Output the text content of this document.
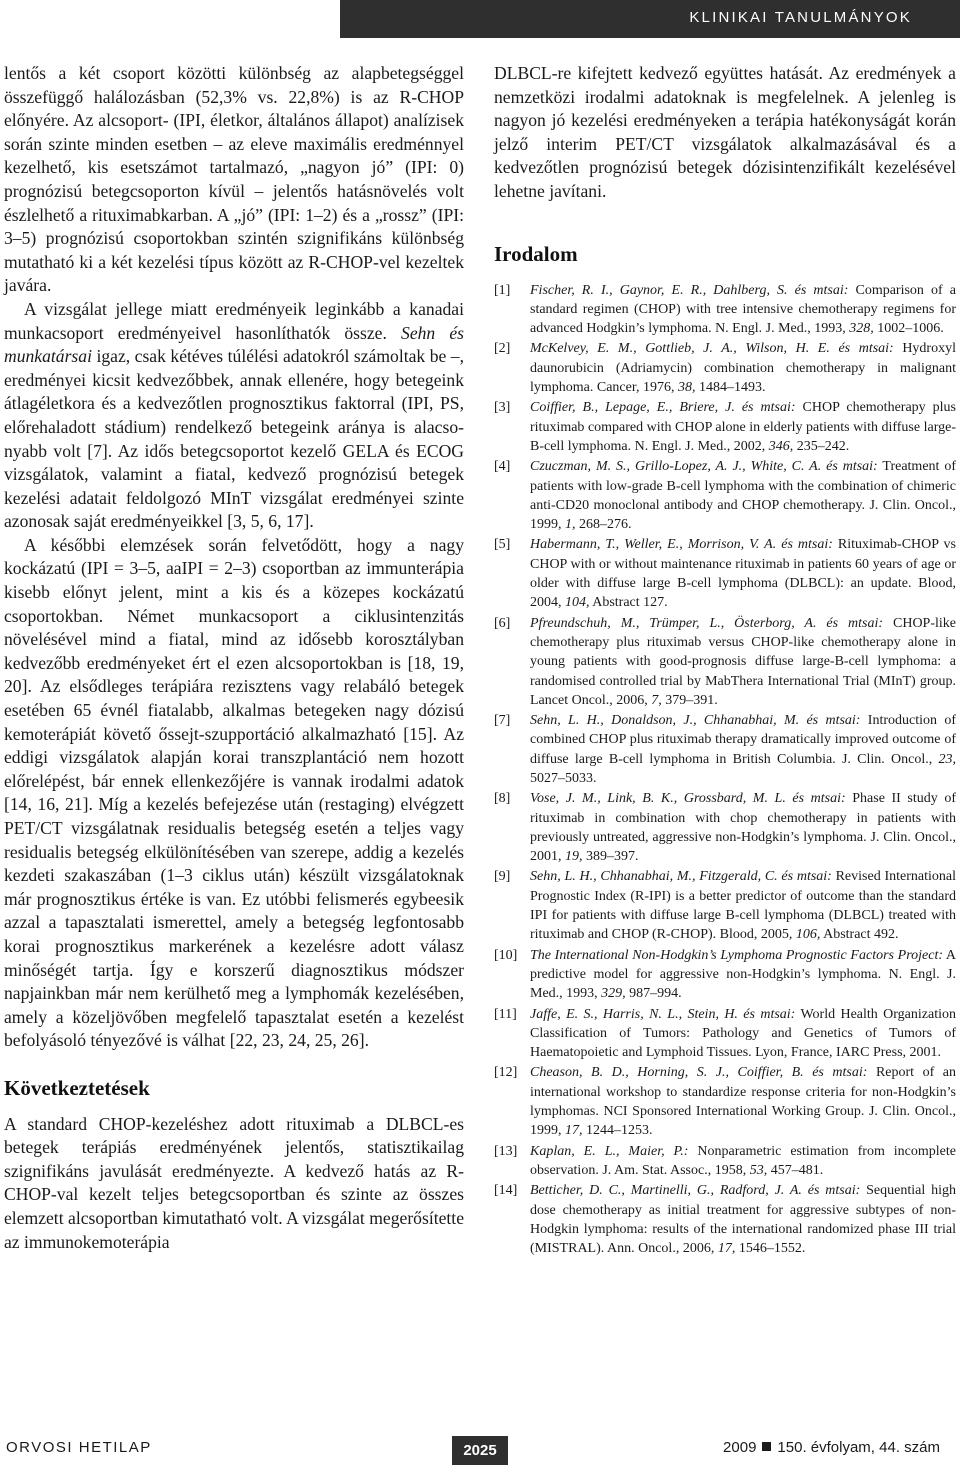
KLINIKAI TANULMÁNYOK

lentős a két csoport közötti különbség az alapbetegséggel összefüggő halálozásban (52,3% vs. 22,8%) is az R-CHOP előnyére. Az alcsoport- (IPI, életkor, általános állapot) analízisek során szinte minden esetben – az eleve maximális eredménnyel kezelhető, kis esetszámot tartalmazó, „nagyon jó” (IPI: 0) prognózisú betegcsoporton kívül – jelentős hatásnövelés volt észlelhető a rituximabkarban. A „jó” (IPI: 1–2) és a „rossz” (IPI: 3–5) prognózisú csoportokban szintén szignifikáns különbség mutatható ki a két kezelési típus között az R-CHOP-vel kezeltek javára.

A vizsgálat jellege miatt eredményeik leginkább a kanadai munkacsoport eredményeivel hasonlíthatók össze. Sehn és munkatársai igaz, csak kétéves túlélési adatokról számoltak be –, eredményei kicsit kedvezőbbek, annak ellenére, hogy betegeink átlagéletkora és a kedvezőtlen prognosztikus faktorral (IPI, PS, előrehaladott stádium) rendelkező betegeink aránya is alacsonyabb volt [7]. Az idős betegcsoportot kezelő GELA és ECOG vizsgálatok, valamint a fiatal, kedvező prognózisú betegek kezelési adatait feldolgozó MInT vizsgálat eredményei szinte azonosak saját eredményeikkel [3, 5, 6, 17].

A későbbi elemzések során felvetődött, hogy a nagy kockázatú (IPI = 3–5, aaIPI = 2–3) csoportban az immunterápia kisebb előnyt jelent, mint a kis és a közepes kockázatú csoportokban. Német munkacsoport a ciklusintenzitás növelésével mind a fiatal, mind az idősebb korosztályban kedvezőbb eredményeket ért el ezen alcsoportokban is [18, 19, 20]. Az elsődleges terápiára rezisztens vagy relabáló betegek esetében 65 évnél fiatalabb, alkalmas betegeken nagy dózisú kemoterápiát követő őssejt-szupportáció alkalmazható [15]. Az eddigi vizsgálatok alapján korai transzplantáció nem hozott előrelépést, bár ennek ellenkezőjére is vannak irodalmi adatok [14, 16, 21]. Míg a kezelés befejezése után (restaging) elvégzett PET/CT vizsgálatnak residualis betegség esetén a teljes vagy residualis betegség elkülönítésében van szerepe, addig a kezelés kezdeti szakaszában (1–3 ciklus után) készült vizsgálatoknak már prognosztikus értéke is van. Ez utóbbi felismerés egybeesik azzal a tapasztalati ismerettel, amely a betegség legfontosabb korai prognosztikus markerének a kezelésre adott válasz minőségét tartja. Így e korszerű diagnosztikus módszer napjainkban már nem kerülhető meg a lymphomák kezelésében, amely a közeljövőben megfelelő tapasztalat esetén a kezelést befolyásoló tényezővé is válhat [22, 23, 24, 25, 26].

Következtetések

A standard CHOP-kezeléshez adott rituximab a DLBCL-es betegek terápiás eredményének jelentős, statisztikailag szignifikáns javulását eredményezte. A kedvező hatás az R-CHOP-val kezelt teljes betegcsoportban és szinte az összes elemzett alcsoportban kimutatható volt. A vizsgálat megerősítette az immunokemoterápia

DLBCL-re kifejtett kedvező együttes hatását. Az eredmények a nemzetközi irodalmi adatoknak is megfelelnek. A jelenleg is nagyon jó kezelési eredményeken a terápia hatékonyságát korán jelző interim PET/CT vizsgálatok alkalmazásával és a kedvezőtlen prognózisú betegek dózisintenzifikált kezelésével lehetne javítani.

Irodalom
[1]	Fischer, R. I., Gaynor, E. R., Dahlberg, S. és mtsai: Comparison of a standard regimen (CHOP) with tree intensive chemotherapy regimens for advanced Hodgkin’s lymphoma. N. Engl. J. Med., 1993, 328, 1002–1006.
[2]	McKelvey, E. M., Gottlieb, J. A., Wilson, H. E. és mtsai: Hydroxyl daunorubicin (Adriamycin) combination chemotherapy in malignant lymphoma. Cancer, 1976, 38, 1484–1493.
[3]	Coiffier, B., Lepage, E., Briere, J. és mtsai: CHOP chemotherapy plus rituximab compared with CHOP alone in elderly patients with diffuse large-B-cell lymphoma. N. Engl. J. Med., 2002, 346, 235–242.
[4]	Czuczman, M. S., Grillo-Lopez, A. J., White, C. A. és mtsai: Treatment of patients with low-grade B-cell lymphoma with the combination of chimeric anti-CD20 monoclonal antibody and CHOP chemotherapy. J. Clin. Oncol., 1999, 1, 268–276.
[5]	Habermann, T., Weller, E., Morrison, V. A. és mtsai: Rituximab-CHOP vs CHOP with or without maintenance rituximab in patients 60 years of age or older with diffuse large B-cell lymphoma (DLBCL): an update. Blood, 2004, 104, Abstract 127.
[6]	Pfreundschuh, M., Trümper, L., Österborg, A. és mtsai: CHOP-like chemotherapy plus rituximab versus CHOP-like chemotherapy alone in young patients with good-prognosis diffuse large-B-cell lymphoma: a randomised controlled trial by MabThera International Trial (MInT) group. Lancet Oncol., 2006, 7, 379–391.
[7]	Sehn, L. H., Donaldson, J., Chhanabhai, M. és mtsai: Introduction of combined CHOP plus rituximab therapy dramatically improved outcome of diffuse large B-cell lymphoma in British Columbia. J. Clin. Oncol., 23, 5027–5033.
[8]	Vose, J. M., Link, B. K., Grossbard, M. L. és mtsai: Phase II study of rituximab in combination with chop chemotherapy in patients with previously untreated, aggressive non-Hodgkin’s lymphoma. J. Clin. Oncol., 2001, 19, 389–397.
[9]	Sehn, L. H., Chhanabhai, M., Fitzgerald, C. és mtsai: Revised International Prognostic Index (R-IPI) is a better predictor of outcome than the standard IPI for patients with diffuse large B-cell lymphoma (DLBCL) treated with rituximab and CHOP (R-CHOP). Blood, 2005, 106, Abstract 492.
[10] The International Non-Hodgkin’s Lymphoma Prognostic Factors Project: A predictive model for aggressive non-Hodgkin’s lymphoma. N. Engl. J. Med., 1993, 329, 987–994.
[11] Jaffe, E. S., Harris, N. L., Stein, H. és mtsai: World Health Organization Classification of Tumors: Pathology and Genetics of Tumors of Haematopoietic and Lymphoid Tissues. Lyon, France, IARC Press, 2001.
[12] Cheason, B. D., Horning, S. J., Coiffier, B. és mtsai: Report of an international workshop to standardize response criteria for non-Hodgkin’s lymphomas. NCI Sponsored International Working Group. J. Clin. Oncol., 1999, 17, 1244–1253.
[13] Kaplan, E. L., Maier, P.: Nonparametric estimation from incomplete observation. J. Am. Stat. Assoc., 1958, 53, 457–481.
[14] Betticher, D. C., Martinelli, G., Radford, J. A. és mtsai: Sequential high dose chemotherapy as initial treatment for aggressive subtypes of non-Hodgkin lymphoma: results of the international randomized phase III trial (MISTRAL). Ann. Oncol., 2006, 17, 1546–1552.
ORVOSI HETILAP	2025	2009 150. évfolyam, 44. szám
